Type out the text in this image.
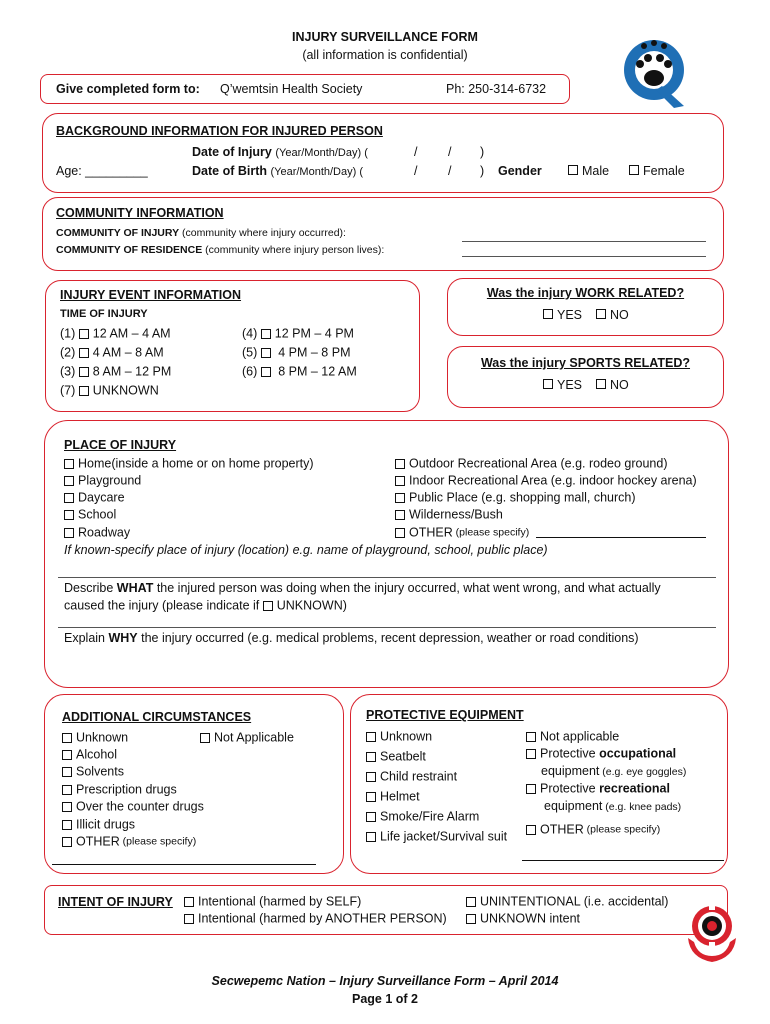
INJURY SURVEILLANCE FORM
(all information is confidential)
Give completed form to: Q’wemtsin Health Society	Ph: 250-314-6732
BACKGROUND INFORMATION FOR INJURED PERSON
Age: _________
Date of Injury (Year/Month/Day) (
Date of Birth (Year/Month/Day) (
/ / )
/ / ) Gender	Male	Female
COMMUNITY INFORMATION
COMMUNITY OF INJURY (community where injury occurred):
COMMUNITY OF RESIDENCE (community where injury person lives):
INJURY EVENT INFORMATION
TIME OF INJURY
(1) 12 AM – 4 AM
(2) 4 AM – 8 AM
(3) 8 AM – 12 PM
(7) UNKNOWN
(4) 12 PM – 4 PM
(5)  4 PM – 8 PM
(6)  8 PM – 12 AM
Was the injury WORK RELATED?
YES	NO
Was the injury SPORTS RELATED?
YES	NO
PLACE OF INJURY
Home(inside a home or on home property)
Playground
Daycare
School
Roadway
Outdoor Recreational Area (e.g. rodeo ground)
Indoor Recreational Area (e.g. indoor hockey arena)
Public Place (e.g. shopping mall, church)
Wilderness/Bush
OTHER (please specify)
If known-specify place of injury (location) e.g. name of playground, school, public place)
Describe WHAT the injured person was doing when the injury occurred, what went wrong, and what actually
caused the injury (please indicate if UNKNOWN)
Explain WHY the injury occurred (e.g. medical problems, recent depression, weather or road conditions)
ADDITIONAL CIRCUMSTANCES
Unknown
Alcohol
Solvents
Prescription drugs
Over the counter drugs
Illicit drugs
OTHER (please specify)
Not Applicable
PROTECTIVE EQUIPMENT
Unknown
Seatbelt
Child restraint
Helmet
Smoke/Fire Alarm
Life jacket/Survival suit
Not applicable
Protective occupational
equipment (e.g. eye goggles)
Protective recreational
equipment (e.g. knee pads)
OTHER (please specify)
INTENT OF INJURY	Intentional (harmed by SELF)
Intentional (harmed by ANOTHER PERSON)
UNINTENTIONAL (i.e. accidental)
UNKNOWN intent
Secwepemc Nation – Injury Surveillance Form – April 2014
Page 1 of 2
